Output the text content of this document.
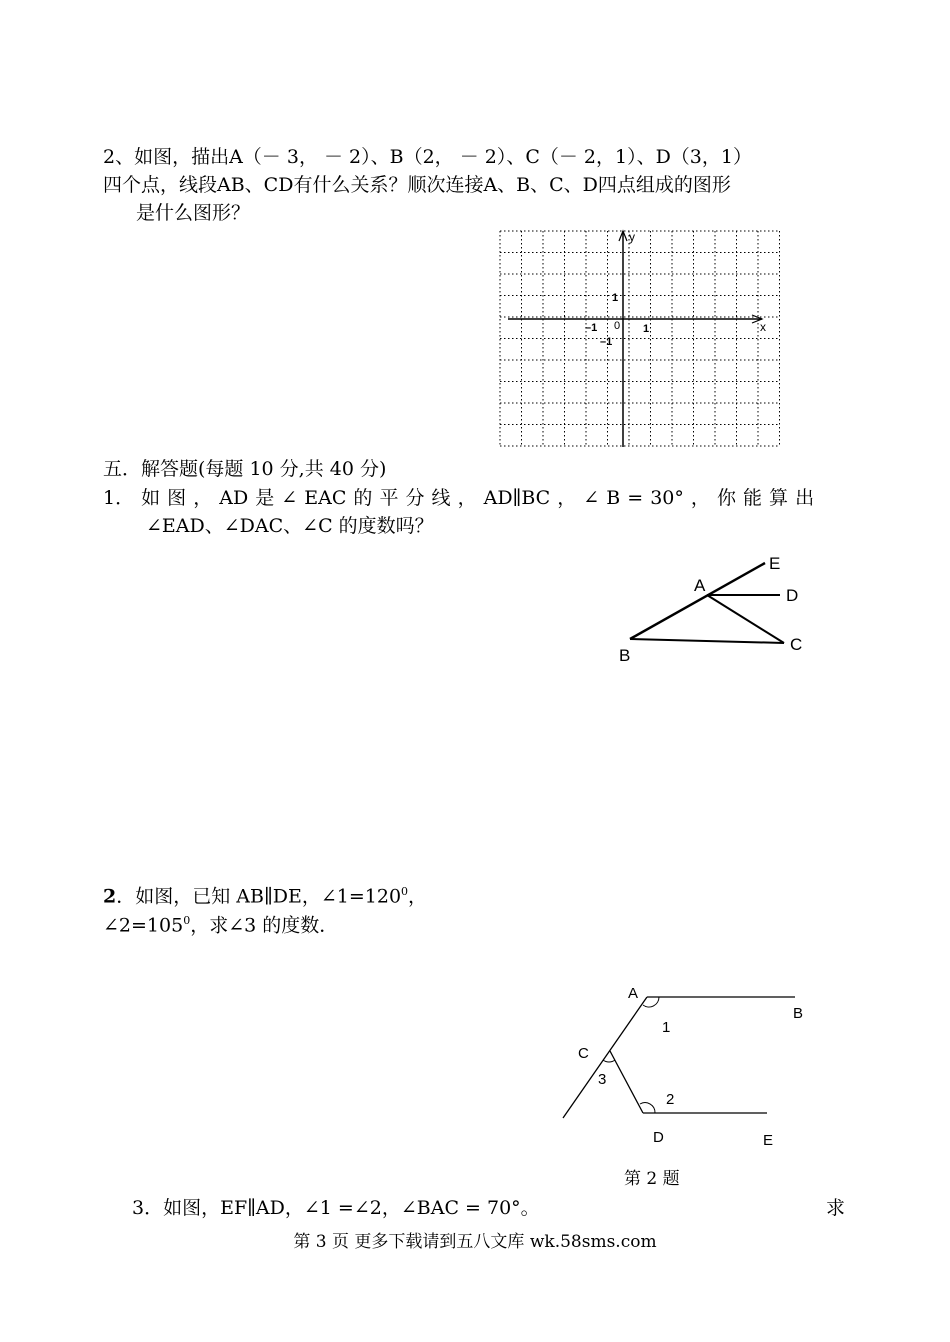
2、如图，描出A（－ 3， － 2）、B（2， － 2）、C（－ 2，1）、D（3，1）
四个点，线段AB、CD有什么关系？顺次连接A、B、C、D四点组成的图形
是什么图形？
y
x
–1 0 1
1
–1
五．解答题(每题 10 分,共 40 分)
1． 如 图 ， AD 是 ∠ EAC 的 平 分 线 ， AD∥BC ， ∠ B = 30° ， 你 能 算 出
∠EAD、∠DAC、∠C 的度数吗？
E
A
D
B
C
2．如图，已知 AB∥DE，$\angle 1=120^0$，
$\angle 2=105^0$，求∠3 的度数．
A
B
1
C
3
2
D	E
第 2 题
3．如图，EF∥AD，∠1 =∠2，∠BAC = 70°。	求
第 3 页 更多下载请到五八文库 wk.58sms.com
